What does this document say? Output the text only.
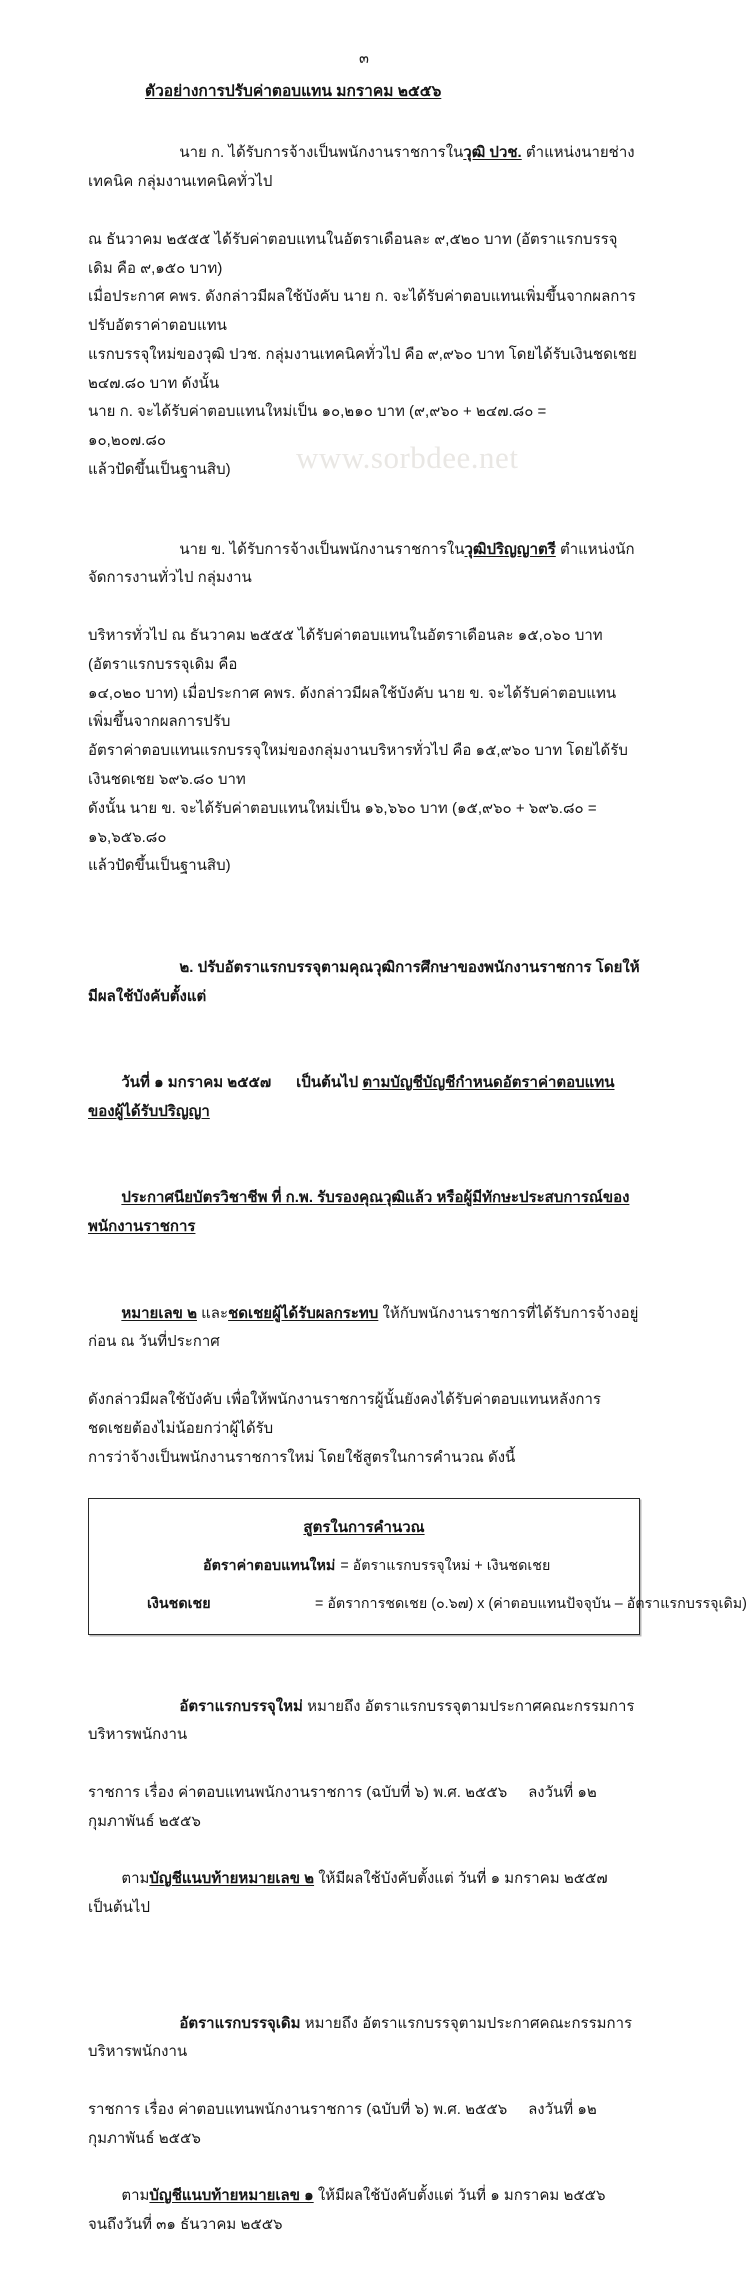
www.sorbdee.net
๓
ตัวอย่างการปรับค่าตอบแทน มกราคม ๒๕๕๖

นาย ก. ได้รับการจ้างเป็นพนักงานราชการในวุฒิ ปวช. ตำแหน่งนายช่างเทคนิค กลุ่มงานเทคนิคทั่วไป

ณ ธันวาคม ๒๕๕๕ ได้รับค่าตอบแทนในอัตราเดือนละ ๙,๕๒๐ บาท (อัตราแรกบรรจุเดิม คือ ๙,๑๕๐ บาท)
เมื่อประกาศ คพร. ดังกล่าวมีผลใช้บังคับ นาย ก. จะได้รับค่าตอบแทนเพิ่มขึ้นจากผลการปรับอัตราค่าตอบแทน
แรกบรรจุใหม่ของวุฒิ ปวช. กลุ่มงานเทคนิคทั่วไป คือ ๙,๙๖๐ บาท โดยได้รับเงินชดเชย ๒๔๗.๘๐ บาท ดังนั้น
นาย ก. จะได้รับค่าตอบแทนใหม่เป็น ๑๐,๒๑๐ บาท (๙,๙๖๐ + ๒๔๗.๘๐ =       ๑๐,๒๐๗.๘๐
แล้วปัดขึ้นเป็นฐานสิบ)

นาย ข. ได้รับการจ้างเป็นพนักงานราชการในวุฒิปริญญาตรี ตำแหน่งนักจัดการงานทั่วไป กลุ่มงาน

บริหารทั่วไป ณ ธันวาคม ๒๕๕๕ ได้รับค่าตอบแทนในอัตราเดือนละ ๑๕,๐๖๐ บาท (อัตราแรกบรรจุเดิม คือ
๑๔,๐๒๐ บาท) เมื่อประกาศ คพร. ดังกล่าวมีผลใช้บังคับ นาย ข. จะได้รับค่าตอบแทนเพิ่มขึ้นจากผลการปรับ
อัตราค่าตอบแทนแรกบรรจุใหม่ของกลุ่มงานบริหารทั่วไป คือ ๑๕,๙๖๐ บาท โดยได้รับเงินชดเชย ๖๙๖.๘๐ บาท
ดังนั้น นาย ข. จะได้รับค่าตอบแทนใหม่เป็น ๑๖,๖๖๐ บาท (๑๕,๙๖๐ + ๖๙๖.๘๐ =    ๑๖,๖๕๖.๘๐
แล้วปัดขึ้นเป็นฐานสิบ)

๒. ปรับอัตราแรกบรรจุตามคุณวุฒิการศึกษาของพนักงานราชการ โดยให้มีผลใช้บังคับตั้งแต่

วันที่ ๑ มกราคม ๒๕๕๗      เป็นต้นไป ตามบัญชีบัญชีกำหนดอัตราค่าตอบแทนของผู้ได้รับปริญญา

ประกาศนียบัตรวิชาชีพ ที่ ก.พ. รับรองคุณวุฒิแล้ว หรือผู้มีทักษะประสบการณ์ของพนักงานราชการ

หมายเลข ๒ และชดเชยผู้ได้รับผลกระทบ ให้กับพนักงานราชการที่ได้รับการจ้างอยู่ก่อน ณ วันที่ประกาศ

ดังกล่าวมีผลใช้บังคับ เพื่อให้พนักงานราชการผู้นั้นยังคงได้รับค่าตอบแทนหลังการชดเชยต้องไม่น้อยกว่าผู้ได้รับ
การว่าจ้างเป็นพนักงานราชการใหม่ โดยใช้สูตรในการคำนวณ ดังนี้
สูตรในการคำนวณ
อัตราค่าตอบแทนใหม่ = อัตราแรกบรรจุใหม่ + เงินชดเชย
เงินชดเชย	= อัตราการชดเชย (๐.๖๗) x (ค่าตอบแทนปัจจุบัน – อัตราแรกบรรจุเดิม)

อัตราแรกบรรจุใหม่ หมายถึง อัตราแรกบรรจุตามประกาศคณะกรรมการบริหารพนักงาน

ราชการ เรื่อง ค่าตอบแทนพนักงานราชการ (ฉบับที่ ๖) พ.ศ. ๒๕๕๖     ลงวันที่ ๑๒ กุมภาพันธ์ ๒๕๕๖

ตามบัญชีแนบท้ายหมายเลข ๒ ให้มีผลใช้บังคับตั้งแต่ วันที่ ๑ มกราคม ๒๕๕๗ เป็นต้นไป

อัตราแรกบรรจุเดิม หมายถึง อัตราแรกบรรจุตามประกาศคณะกรรมการบริหารพนักงาน

ราชการ เรื่อง ค่าตอบแทนพนักงานราชการ (ฉบับที่ ๖) พ.ศ. ๒๕๕๖     ลงวันที่ ๑๒ กุมภาพันธ์ ๒๕๕๖

ตามบัญชีแนบท้ายหมายเลข ๑ ให้มีผลใช้บังคับตั้งแต่ วันที่ ๑ มกราคม ๒๕๕๖ จนถึงวันที่ ๓๑ ธันวาคม ๒๕๕๖
